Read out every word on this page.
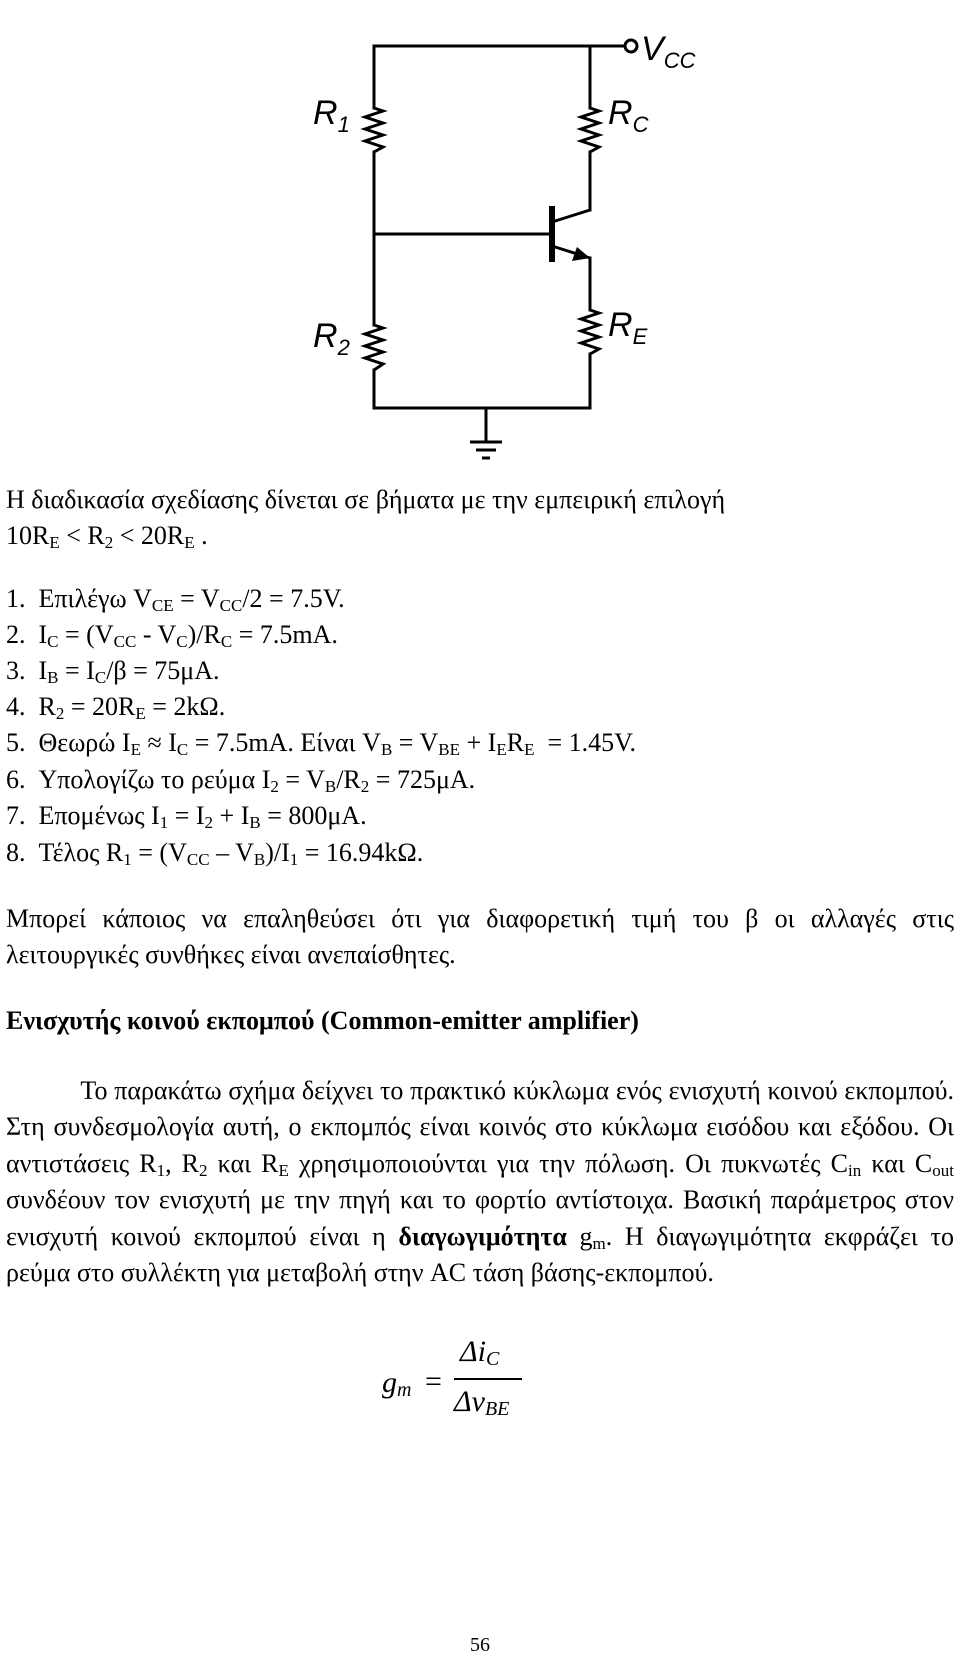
$V_{CC}$
$R_1$	$R_C$
$R_2$
$R_E$
Η διαδικασία σχεδίασης δίνεται σε βήματα με την εμπειρική επιλογή
$10R_E < R_2 < 20R_E$ .
1.  Επιλέγω $V_{CE} = V_{CC}/2 = 7.5V$.
2.  $I_C = (V_{CC} - V_C)/R_C = 7.5mA$.
3.  $I_B = I_C/\beta = 75\mu A$.
4.  $R_2 = 20R_E = 2k\Omega$.
5.  Θεωρώ $I_E \approx I_C = 7.5mA$. Είναι $V_B = V_{BE} + I_ER_E = 1.45V$.
6.  Υπολογίζω το ρεύμα $I_2 = V_B/R_2 = 725\mu A$.
7.  Επομένως $I_1 = I_2 + I_B = 800\mu A$.
8.  Τέλος $R_1 = (V_{CC} - V_B)/I_1 = 16.94k\Omega$.
Μπορεί κάποιος να επαληθεύσει ότι για διαφορετική τιμή του β οι αλλαγές στις λειτουργικές συνθήκες είναι ανεπαίσθητες.
Ενισχυτής κοινού εκπομπού (Common-emitter amplifier)
Το παρακάτω σχήμα δείχνει το πρακτικό κύκλωμα ενός ενισχυτή κοινού εκπομπού. Στη συνδεσμολογία αυτή, ο εκπομπός είναι κοινός στο κύκλωμα εισόδου και εξόδου. Οι αντιστάσεις $R_1$, $R_2$ και $R_E$ χρησιμοποιούνται για την πόλωση. Οι πυκνωτές $C_{in}$ και $C_{out}$ συνδέουν τον ενισχυτή με την πηγή και το φορτίο αντίστοιχα. Βασική παράμετρος στον ενισχυτή κοινού εκπομπού είναι η διαγωγιμότητα $g_m$. Η διαγωγιμότητα εκφράζει το ρεύμα στο συλλέκτη για μεταβολή στην AC τάση βάσης-εκπομπού.
$g_m$ =
$\Delta i_C$
$\Delta v_{BE}$
56
